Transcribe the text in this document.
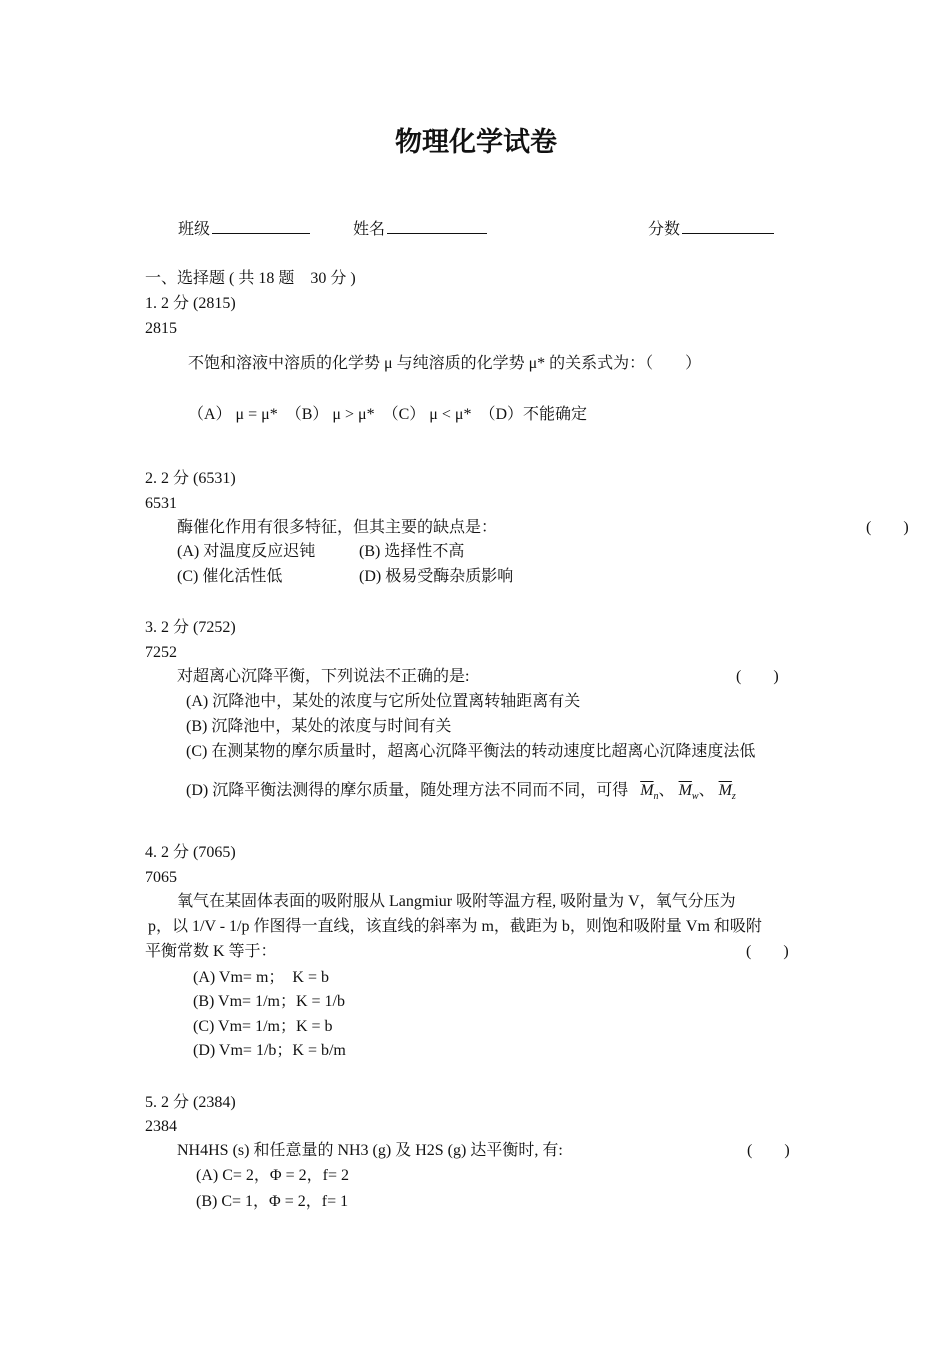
物理化学试卷
班级	姓名	分数
一、选择题 ( 共 18 题　30 分 )
1. 2 分 (2815)
2815
不饱和溶液中溶质的化学势 μ 与纯溶质的化学势 μ* 的关系式为：（　　）
（A） μ = μ*　（B） μ > μ*　（C） μ < μ*　（D）不能确定
2. 2 分 (6531)
6531
酶催化作用有很多特征，但其主要的缺点是：	(　　)
(A) 对温度反应迟钝	(B) 选择性不高
(C) 催化活性低	(D) 极易受酶杂质影响
3. 2 分 (7252)
7252
对超离心沉降平衡，下列说法不正确的是:	(　　)
(A) 沉降池中，某处的浓度与它所处位置离转轴距离有关
(B) 沉降池中，某处的浓度与时间有关
(C) 在测某物的摩尔质量时，超离心沉降平衡法的转动速度比超离心沉降速度法低
(D) 沉降平衡法测得的摩尔质量，随处理方法不同而不同，可得 $\overline{M}_n$、 $\overline{M}_w$、 $\overline{M}_z$
4. 2 分 (7065)
7065
氧气在某固体表面的吸附服从 Langmiur 吸附等温方程, 吸附量为 V，氧气分压为
p，以 1/V - 1/p 作图得一直线，该直线的斜率为 m，截距为 b，则饱和吸附量 Vm 和吸附
平衡常数 K 等于：	(　　)
(A) Vm= m；　K = b
(B) Vm= 1/m；K = 1/b
(C) Vm= 1/m；K = b
(D) Vm= 1/b；K = b/m
5. 2 分 (2384)
2384
NH4HS (s) 和任意量的 NH3 (g) 及 H2S (g) 达平衡时, 有:	(　　)
(A) C= 2，Φ = 2，f= 2
(B) C= 1，Φ = 2，f= 1
